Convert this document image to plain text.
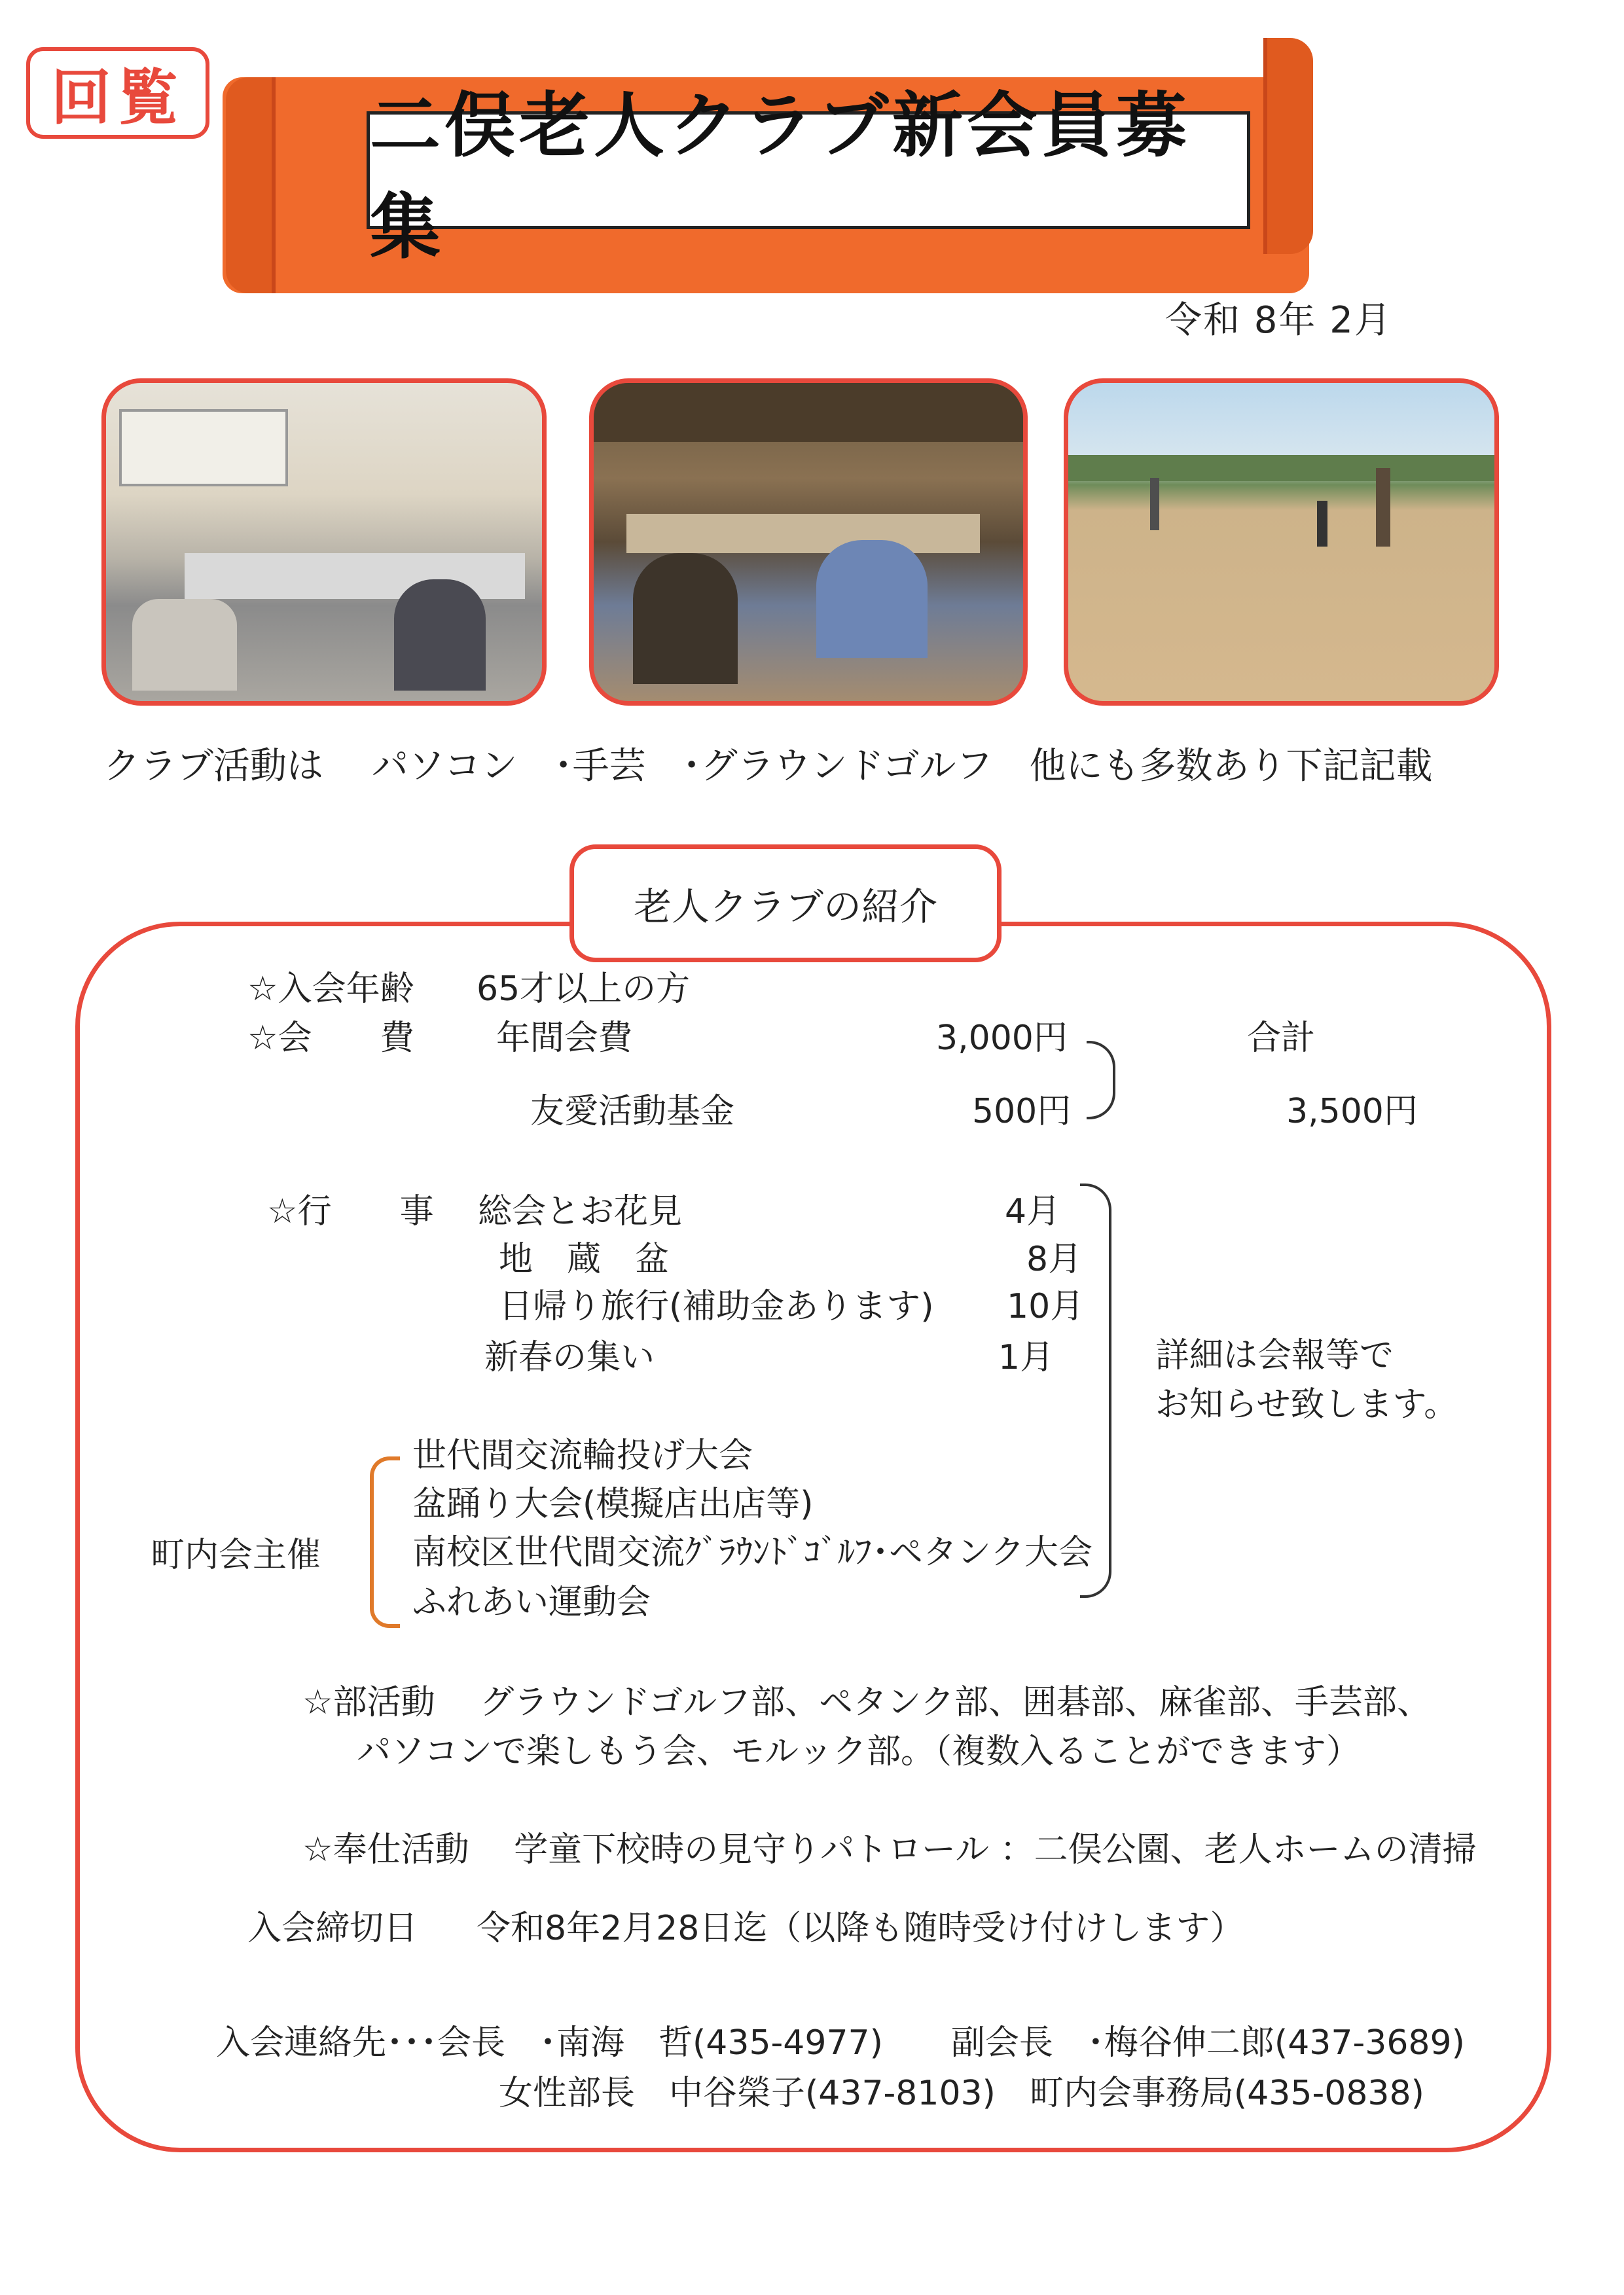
回覧	二俣老人クラブ新会員募集
令和 8年 2月
クラブ活動は　 パソコン　･手芸　･グラウンドゴルフ　他にも多数あり下記記載
老人クラブの紹介
☆入会年齢 65才以上の方
☆会　　費 年間会費	3,000円	合計
友愛活動基金	500円	3,500円
☆行　　事 総会とお花見	4月
地　蔵　盆	8月
日帰り旅行(補助金あります) 10月
新春の集い	1月	詳細は会報等で
お知らせ致します。
町内会主催
世代間交流輪投げ大会
盆踊り大会(模擬店出店等)
南校区世代間交流ｸﾞﾗｳﾝﾄﾞｺﾞﾙﾌ･ペタンク大会
ふれあい運動会
☆部活動　 グラウンドゴルフ部、ペタンク部、囲碁部、麻雀部、手芸部、
パソコンで楽しもう会、モルック部。（複数入ることができます）
☆奉仕活動　 学童下校時の見守りパトロール ：二俣公園、老人ホームの清掃
入会締切日 令和8年2月28日迄（以降も随時受け付けします）
入会連絡先･･･会長　･南海　哲(435-4977)　　副会長　･梅谷伸二郎(437-3689)
女性部長　中谷榮子(437-8103)　町内会事務局(435-0838)
